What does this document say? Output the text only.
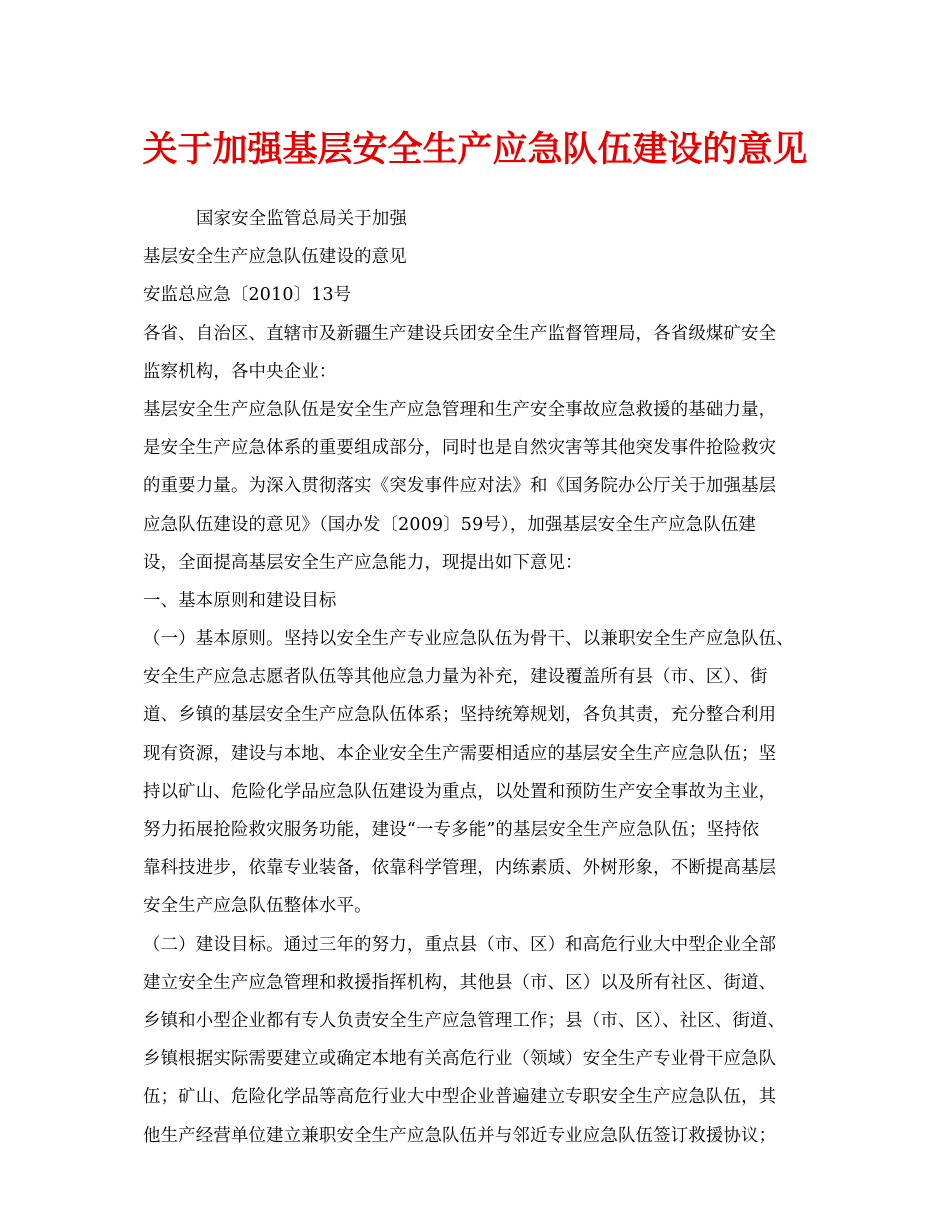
关于加强基层安全生产应急队伍建设的意见
国家安全监管总局关于加强
基层安全生产应急队伍建设的意见
安监总应急〔2010〕13号
各省、自治区、直辖市及新疆生产建设兵团安全生产监督管理局，各省级煤矿安全
监察机构，各中央企业：
基层安全生产应急队伍是安全生产应急管理和生产安全事故应急救援的基础力量，
是安全生产应急体系的重要组成部分，同时也是自然灾害等其他突发事件抢险救灾
的重要力量。为深入贯彻落实《突发事件应对法》和《国务院办公厅关于加强基层
应急队伍建设的意见》（国办发〔2009〕59号），加强基层安全生产应急队伍建
设，全面提高基层安全生产应急能力，现提出如下意见：
一、基本原则和建设目标
（一）基本原则。坚持以安全生产专业应急队伍为骨干、以兼职安全生产应急队伍、
安全生产应急志愿者队伍等其他应急力量为补充，建设覆盖所有县（市、区）、街
道、乡镇的基层安全生产应急队伍体系；坚持统筹规划，各负其责，充分整合利用
现有资源，建设与本地、本企业安全生产需要相适应的基层安全生产应急队伍；坚
持以矿山、危险化学品应急队伍建设为重点，以处置和预防生产安全事故为主业，
努力拓展抢险救灾服务功能，建设“一专多能”的基层安全生产应急队伍；坚持依
靠科技进步，依靠专业装备，依靠科学管理，内练素质、外树形象，不断提高基层
安全生产应急队伍整体水平。
（二）建设目标。通过三年的努力，重点县（市、区）和高危行业大中型企业全部
建立安全生产应急管理和救援指挥机构，其他县（市、区）以及所有社区、街道、
乡镇和小型企业都有专人负责安全生产应急管理工作；县（市、区）、社区、街道、
乡镇根据实际需要建立或确定本地有关高危行业（领域）安全生产专业骨干应急队
伍；矿山、危险化学品等高危行业大中型企业普遍建立专职安全生产应急队伍，其
他生产经营单位建立兼职安全生产应急队伍并与邻近专业应急队伍签订救援协议；
